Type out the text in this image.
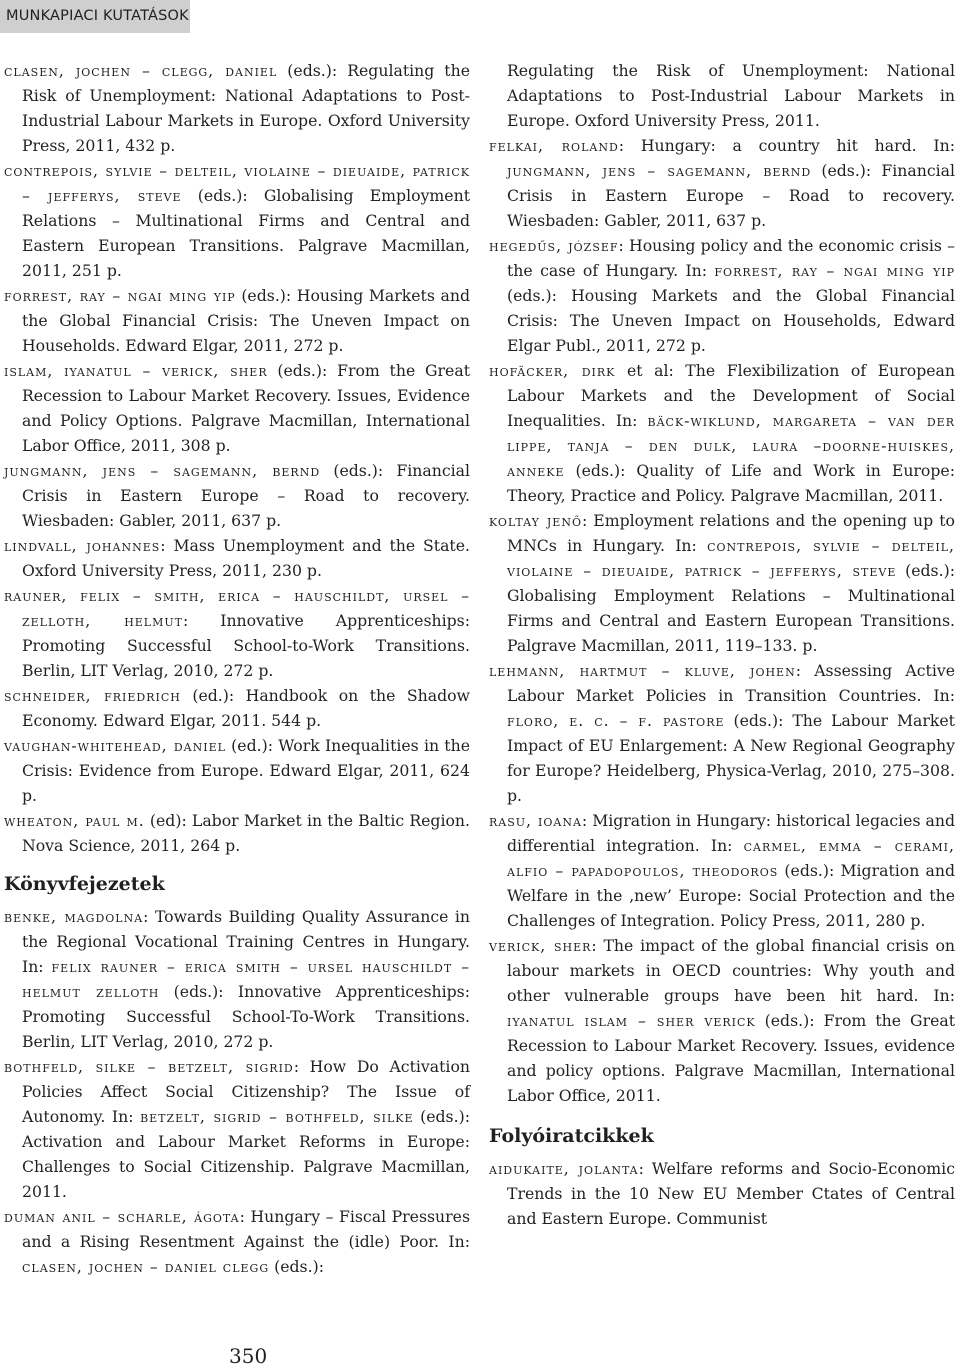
MUNKAPIACI KUTATÁSOK

clasen, jochen – clegg, daniel (eds.): Regulating the Risk of Unemployment: National Adaptations to Post-Industrial Labour Markets in Europe. Oxford University Press, 2011, 432 p.

contrepois, sylvie – delteil, violaine – dieuaide, patrick – jefferys, steve (eds.): Globalising Employment Relations – Multinational Firms and Central and Eastern European Transitions. Palgrave Macmillan, 2011, 251 p.

forrest, ray – ngai ming yip (eds.): Housing Markets and the Global Financial Crisis: The Uneven Impact on Households. Edward Elgar, 2011, 272 p.

islam, iyanatul – verick, sher (eds.): From the Great Recession to Labour Market Recovery. Issues, Evidence and Policy Options. Palgrave Macmillan, International Labor Office, 2011, 308 p.

jungmann, jens – sagemann, bernd (eds.): Financial Crisis in Eastern Europe – Road to recovery. Wiesbaden: Gabler, 2011, 637 p.

lindvall, johannes: Mass Unemployment and the State. Oxford University Press, 2011, 230 p.

rauner, felix – smith, erica – hauschildt, ursel – zelloth, helmut: Innovative Apprenticeships: Promoting Successful School-to-Work Transitions. Berlin, LIT Verlag, 2010, 272 p.

schneider, friedrich (ed.): Handbook on the Shadow Economy. Edward Elgar, 2011. 544 p.

vaughan-whitehead, daniel (ed.): Work Inequalities in the Crisis: Evidence from Europe. Edward Elgar, 2011, 624 p.

wheaton, paul m. (ed): Labor Market in the Baltic Region. Nova Science, 2011, 264 p.

Könyvfejezetek

benke, magdolna: Towards Building Quality Assurance in the Regional Vocational Training Centres in Hungary. In: felix rauner – erica smith – ursel hauschildt – helmut zelloth (eds.): Innovative Apprenticeships: Promoting Successful School-To-Work Transitions. Berlin, LIT Verlag, 2010, 272 p.

bothfeld, silke – betzelt, sigrid: How Do Activation Policies Affect Social Citizenship? The Issue of Autonomy. In: betzelt, sigrid – bothfeld, silke (eds.): Activation and Labour Market Reforms in Europe: Challenges to Social Citizenship. Palgrave Macmillan, 2011.

duman anil – scharle, ágota: Hungary – Fiscal Pressures and a Rising Resentment Against the (idle) Poor. In: clasen, jochen – daniel clegg (eds.):

Regulating the Risk of Unemployment: National Adaptations to Post-Industrial Labour Markets in Europe. Oxford University Press, 2011.

felkai, roland: Hungary: a country hit hard. In: jungmann, jens – sagemann, bernd (eds.): Financial Crisis in Eastern Europe – Road to recovery. Wiesbaden: Gabler, 2011, 637 p.

hegedűs, józsef: Housing policy and the economic crisis – the case of Hungary. In: forrest, ray – ngai ming yip (eds.): Housing Markets and the Global Financial Crisis: The Uneven Impact on Households, Edward Elgar Publ., 2011, 272 p.

hofäcker, dirk et al: The Flexibilization of European Labour Markets and the Development of Social Inequalities. In: bäck-wiklund, margareta – van der lippe, tanja – den dulk, laura –doorne-huiskes, anneke (eds.): Quality of Life and Work in Europe: Theory, Practice and Policy. Palgrave Macmillan, 2011.

koltay jenő: Employment relations and the opening up to MNCs in Hungary. In: contrepois, sylvie – delteil, violaine – dieuaide, patrick – jefferys, steve (eds.): Globalising Employment Relations – Multinational Firms and Central and Eastern European Transitions. Palgrave Macmillan, 2011, 119–133. p.

lehmann, hartmut – kluve, johen: Assessing Active Labour Market Policies in Transition Countries. In: floro, e. c. – f. pastore (eds.): The Labour Market Impact of EU Enlargement: A New Regional Geography for Europe? Heidelberg, Physica-Verlag, 2010, 275–308. p.

rasu, ioana: Migration in Hungary: historical legacies and differential integration. In: carmel, emma – cerami, alfio – papadopoulos, theodoros (eds.): Migration and Welfare in the ‚new’ Europe: Social Protection and the Challenges of Integration. Policy Press, 2011, 280 p.

verick, sher: The impact of the global financial crisis on labour markets in OECD countries: Why youth and other vulnerable groups have been hit hard. In: iyanatul islam – sher verick (eds.): From the Great Recession to Labour Market Recovery. Issues, evidence and policy options. Palgrave Macmillan, International Labor Office, 2011.

Folyóiratcikkek

aidukaite, jolanta: Welfare reforms and Socio-Economic Trends in the 10 New EU Member Ctates of Central and Eastern Europe. Communist

350
